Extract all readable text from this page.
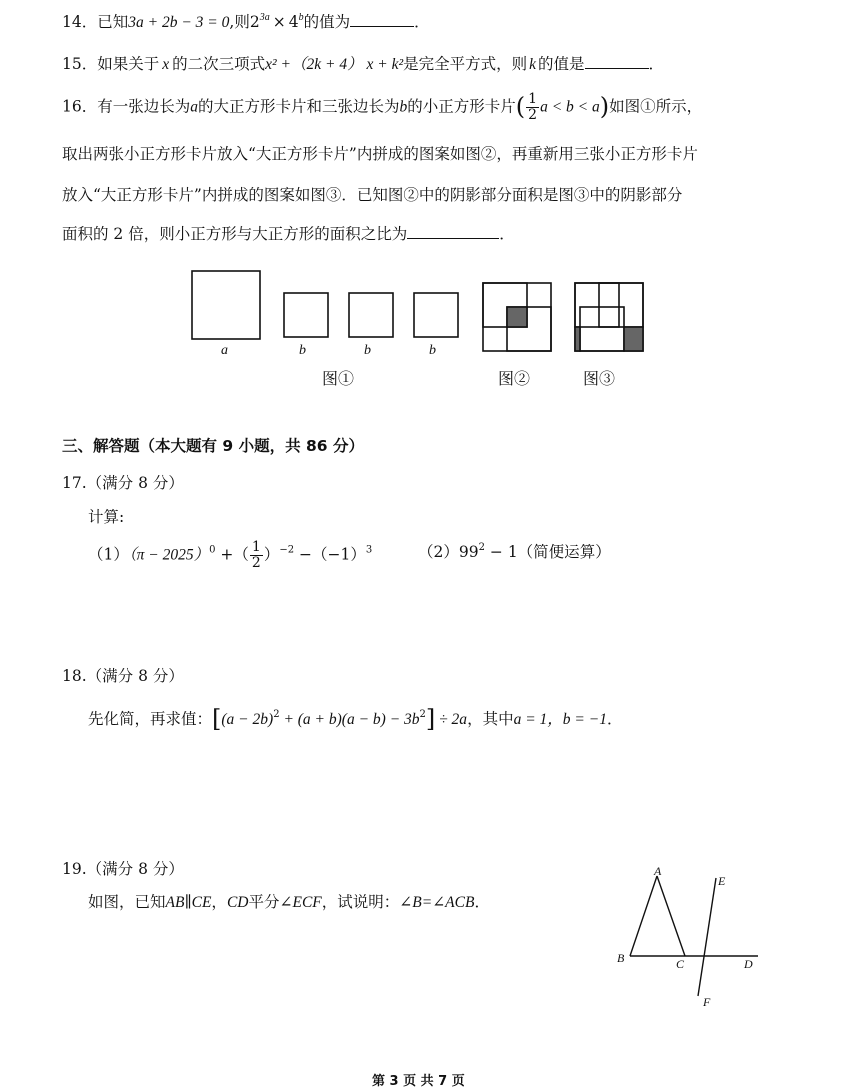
14．已知3a + 2b − 3 = 0,则$2^{3a} \times 4^b$的值为	．
15．如果关于 x 的二次三项式x² +（2k + 4） x + k²是完全平方式，则 k 的值是	．
16．有一张边长为a的大正方形卡片和三张边长为b的小正方形卡片( $\frac{1}{2}$ a < b < a)如图①所示，
取出两张小正方形卡片放入“大正方形卡片”内拼成的图案如图②，再重新用三张小正方形卡片
放入“大正方形卡片”内拼成的图案如图③．已知图②中的阴影部分面积是图③中的阴影部分
面积的 2 倍，则小正方形与大正方形的面积之比为	．
a	b	b	b
图①	图②	图③
三、解答题（本大题有 9 小题，共 86 分）
17.（满分 8 分）
计算:
$(1)(\pi - 2025)^0$ +（ $\frac{1}{2} )^{-2} -(-1)^3$	$(2)99^2 - 1$（简便运算）
18.（满分 8 分）
先化简，再求值：$[(a - 2b)^2 + (a + b)(a - b) - 3b^2] \div 2a$，其中a = 1，b = −1．
19.（满分 8 分）
如图，已知AB∥CE，CD平分∠ECF，试说明：∠B=∠ACB．
A
E
B	C	D
F
第 3 页 共 7 页
